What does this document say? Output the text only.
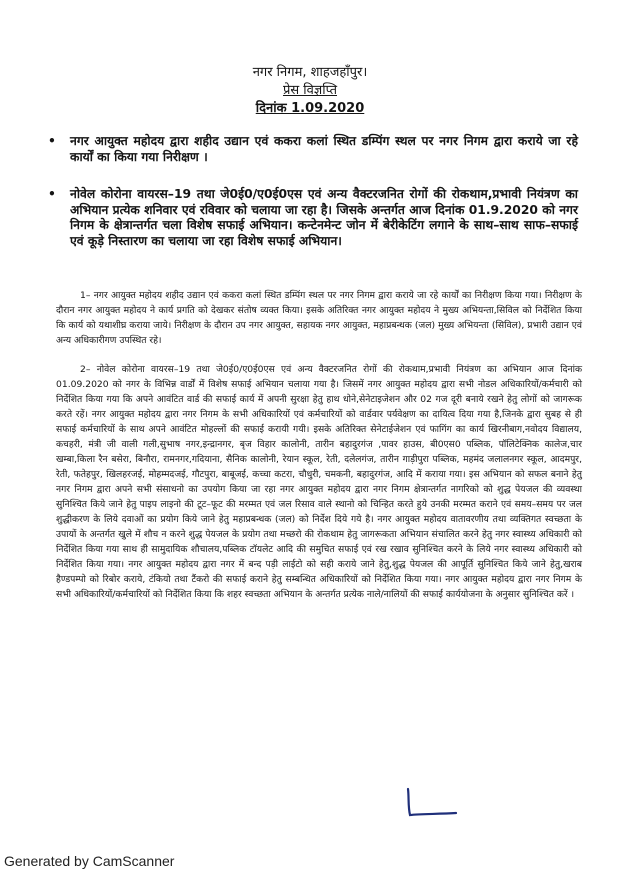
नगर निगम, शाहजहाँपुर।
प्रेस विज्ञप्ति
दिनांक 1.09.2020
• नगर आयुक्त महोदय द्वारा शहीद उद्यान एवं ककरा कलां स्थित डम्पिंग स्थल पर नगर निगम द्वारा कराये जा रहे कार्यों का किया गया निरीक्षण ।
• नोवेल कोरोना वायरस–19 तथा जे0ई0/ए0ई0एस एवं अन्य वैक्टरजनित रोगों की रोकथाम,प्रभावी नियंत्रण का अभियान प्रत्येक शनिवार एवं रविवार को चलाया जा रहा है। जिसके अन्तर्गत आज दिनांक 01.9.2020 को नगर निगम के क्षेत्रान्तर्गत चला विशेष सफाई अभियान। कन्टेनमेन्ट जोन में बेरीकेटिंग लगाने के साथ–साथ साफ–सफाई एवं कूड़े निस्तारण का चलाया जा रहा विशेष सफाई अभियान।
1– नगर आयुक्त महोदय शहीद उद्यान एवं ककरा कलां स्थित डम्पिंग स्थल पर नगर निगम द्वारा कराये जा रहे कार्यों का निरीक्षण किया गया। निरीक्षण के दौरान नगर आयुक्त महोदय ने कार्य प्रगति को देखकर संतोष व्यक्त किया। इसके अतिरिक्त नगर आयुक्त महोदय ने मुख्य अभियन्ता,सिविल को निर्देशित किया कि कार्य को यथाशीघ्र कराया जाये। निरीक्षण के दौरान उप नगर आयुक्त, सहायक नगर आयुक्त, महाप्रबन्धक (जल) मुख्य अभियन्ता (सिविल), प्रभारी उद्यान एवं अन्य अधिकारीगण उपस्थित रहे।
2– नोवेल कोरोना वायरस–19 तथा जे0ई0/ए0ई0एस एवं अन्य वैक्टरजनित रोगों की रोकथाम,प्रभावी नियंत्रण का अभियान आज दिनांक 01.09.2020 को नगर के विभिन्न वार्डों में विशेष सफाई अभियान चलाया गया है। जिसमें नगर आयुक्त महोदय द्वारा सभी नोडल अधिकारियों/कर्मचारी को निर्देशित किया गया कि अपने आवंटित वार्ड की सफाई कार्य में अपनी सुरक्षा हेतु हाथ धोने,सेनेटाइजेशन और 02 गज दूरी बनाये रखने हेतु लोगों को जागरूक करते रहें। नगर आयुक्त महोदय द्वारा नगर निगम के सभी अधिकारियों एवं कर्मचारियों को वार्डवार पर्यवेक्षण का दायित्व दिया गया है,जिनके द्वारा सुबह से ही सफाई कर्मचारियों के साथ अपने आवंटित मोहल्लों की सफाई करायी गयी। इसके अतिरिक्त सेनेटाईजेशन एवं फागिंग का कार्य खिरनीबाग,नवोदय विद्यालय, कचहरी, मंत्री जी वाली गली,सुभाष नगर,इन्द्रानगर, बृज विहार कालोनी, तारीन बहादुरगंज ,पावर हाउस, बी0एस0 पब्लिक, पॉलिटेक्निक कालेज,चार खम्बा,किला रैन बसेरा, बिनौरा, रामनगर,गदियाना, सैनिक कालोनी, रेयान स्कूल, रेती, दलेलगंज, तारीन गाड़ीपुरा पब्लिक, महमंद जलालनगर स्कूल, आदमपुर, रेती, फतेहपुर, खिलहरजई, मोहम्मदजई, गौटपुरा, बाबूजई, कच्चा कटरा, चौधुरी, चमकनी, बहादुरगंज, आदि में कराया गया। इस अभियान को सफल बनाने हेतु नगर निगम द्वारा अपने सभी संसाधनो का उपयोग किया जा रहा नगर आयुक्त महोदय द्वारा नगर निगम क्षेत्रान्तर्गत नागरिको को शुद्ध पेयजल की व्यवस्था सुनिश्चित किये जाने हेतु पाइप लाइनो की टूट–फूट की मरम्मत एवं जल रिसाव वाले स्थानो को चिन्हित करते हुये उनकी मरम्मत कराने एवं समय–समय पर जल शुद्धीकरण के लिये दवाओं का प्रयोग किये जाने हेतु महाप्रबन्धक (जल) को निर्देश दिये गये है। नगर आयुक्त महोदय वातावरणीय तथा व्यक्तिगत स्वच्छता के उपायों के अन्तर्गत खुले में शौच न करने शुद्ध पेयजल के प्रयोग तथा मच्छरो की रोकथाम हेतु जागरूकता अभियान संचालित करने हेतु नगर स्वास्थ्य अधिकारी को निर्देशित किया गया साथ ही सामुदायिक शौचालय,पब्लिक टॉयलेट आदि की समुचित सफाई एवं रख रखाव सुनिश्चित करने के लिये नगर स्वास्थ्य अधिकारी को निर्देशित किया गया। नगर आयुक्त महोदय द्वारा नगर में बन्द पड़ी लाईटो को सही कराये जाने हेतु,शुद्ध पेयजल की आपूर्ति सुनिश्चित किये जाने हेतु,खराब हैण्डपम्पो को रिबोर कराये, टंकियो तथा टैंकरो की सफाई कराने हेतु सम्बन्धित अधिकारियों को निर्देशित किया गया। नगर आयुक्त महोदय द्वारा नगर निगम के सभी अधिकारियों/कर्मचारियों को निर्देशित किया कि शहर स्वच्छता अभियान के अन्तर्गत प्रत्येक नाले/नालियों की सफाई कार्ययोजना के अनुसार सुनिश्चित करें ।
Generated by CamScanner
